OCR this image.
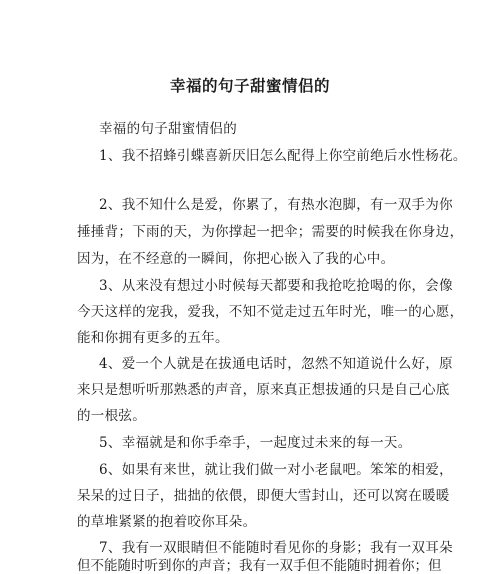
幸福的句子甜蜜情侣的
幸福的句子甜蜜情侣的
1、我不招蜂引蝶喜新厌旧怎么配得上你空前绝后水性杨花。
2、我不知什么是爱，你累了，有热水泡脚，有一双手为你
捶捶背；下雨的天，为你撑起一把伞；需要的时候我在你身边，
因为，在不经意的一瞬间，你把心嵌入了我的心中。
3、从来没有想过小时候每天都要和我抢吃抢喝的你，会像
今天这样的宠我，爱我，不知不觉走过五年时光，唯一的心愿，
能和你拥有更多的五年。
4、爱一个人就是在拔通电话时，忽然不知道说什么好，原
来只是想听听那熟悉的声音，原来真正想拔通的只是自己心底
的一根弦。
5、幸福就是和你手牵手，一起度过未来的每一天。
6、如果有来世，就让我们做一对小老鼠吧。笨笨的相爱，
呆呆的过日子，拙拙的依偎，即便大雪封山，还可以窝在暖暖
的草堆紧紧的抱着咬你耳朵。
7、我有一双眼睛但不能随时看见你的身影；我有一双耳朵
但不能随时听到你的声音；我有一双手但不能随时拥着你；但
